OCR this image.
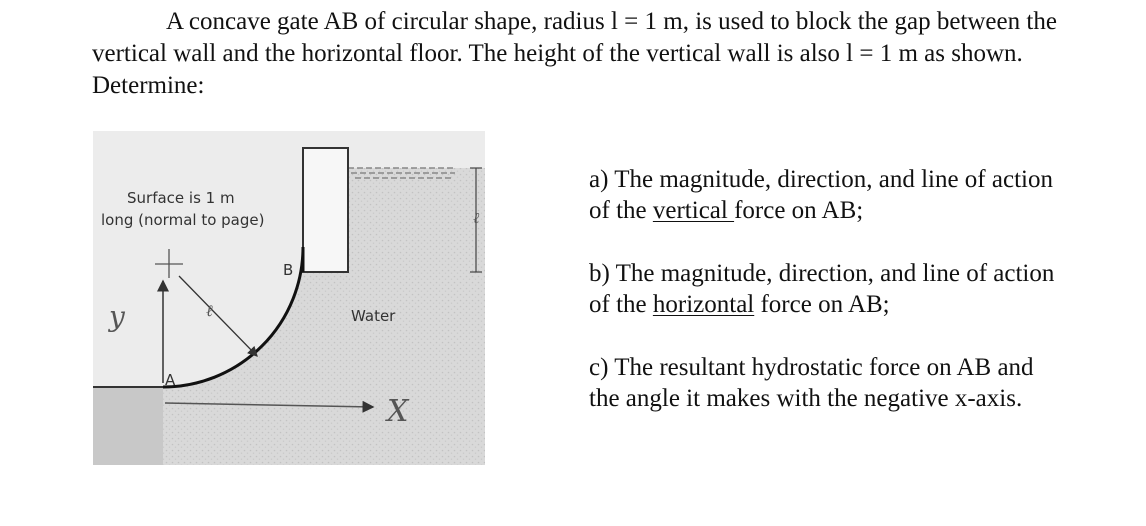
A concave gate AB of circular shape, radius l = 1 m, is used to block the gap between the vertical wall and the horizontal floor. The height of the vertical wall is also l = 1 m as shown. Determine:
Surface is 1 m
long (normal to page)
Water
B
A
ℓ
ℓ
y
X
a) The magnitude, direction, and line of action of the vertical force on AB;
b) The magnitude, direction, and line of action of the horizontal force on AB;
c) The resultant hydrostatic force on AB and the angle it makes with the negative x-axis.
